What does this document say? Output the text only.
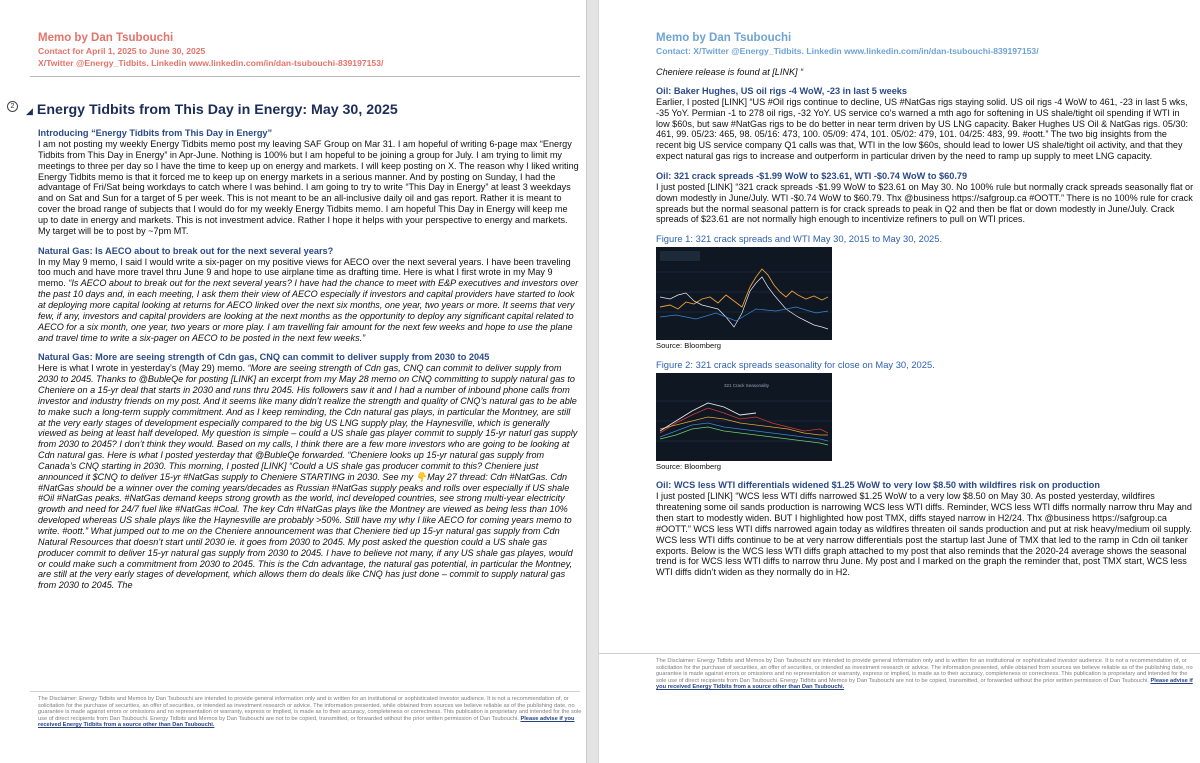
Memo by Dan Tsubouchi
Contact for April 1, 2025 to June 30, 2025
X/Twitter @Energy_Tidbits. Linkedin www.linkedin.com/in/dan-tsubouchi-839197153/
2	◢ Energy Tidbits from This Day in Energy: May 30, 2025
Introducing “Energy Tidbits from This Day in Energy”
I am not posting my weekly Energy Tidbits memo post my leaving SAF Group on Mar 31. I am hopeful of writing 6-page max “Energy Tidbits from This Day in Energy” in Apr-June. Nothing is 100% but I am hopeful to be joining a group for July. I am trying to limit my meetings to three per day so I have the time to keep up on energy and markets. I will keep posting on X. The reason why I liked writing Energy Tidbits memo is that it forced me to keep up on energy markets in a serious manner. And by posting on Sunday, I had the advantage of Fri/Sat being workdays to catch where I was behind. I am going to try to write “This Day in Energy” at least 3 weekdays and on Sat and Sun for a target of 5 per week. This is not meant to be an all-inclusive daily oil and gas report. Rather it is meant to cover the broad range of subjects that I would do for my weekly Energy Tidbits memo. I am hopeful This Day in Energy will keep me up to date in energy and markets. This is not investment advice. Rather I hope it helps with your perspective to energy and markets. My target will be to post by ~7pm MT.
Natural Gas: Is AECO about to break out for the next several years?
In my May 9 memo, I said I would write a six-pager on my positive views for AECO over the next several years. I have been traveling too much and have more travel thru June 9 and hope to use airplane time as drafting time. Here is what I first wrote in my May 9 memo. “Is AECO about to break out for the next several years? I have had the chance to meet with E&P executives and investors over the past 10 days and, in each meeting, I ask them their view of AECO especially if investors and capital providers have started to look at deploying more capital looking at returns for AECO linked over the next six months, one year, two years or more. It seems that very few, if any, investors and capital providers are looking at the next months as the opportunity to deploy any significant capital related to AECO for a six month, one year, two years or more play. I am travelling fair amount for the next few weeks and hope to use the plane and travel time to write a six-pager on AECO to be posted in the next few weeks.”
Natural Gas: More are seeing strength of Cdn gas, CNQ can commit to deliver supply from 2030 to 2045
Here is what I wrote in yesterday’s (May 29) memo. “More are seeing strength of Cdn gas, CNQ can commit to deliver supply from 2030 to 2045. Thanks to @BubleQe for posting [LINK] an excerpt from my May 28 memo on CNQ committing to supply natural gas to Cheniere on a 15-yr deal that starts in 2030 and runs thru 2045. His followers saw it and I had a number of inbound phone calls from investor and industry friends on my post. And it seems like many didn’t realize the strength and quality of CNQ’s natural gas to be able to make such a long-term supply commitment. And as I keep reminding, the Cdn natural gas plays, in particular the Montney, are still at the very early stages of development especially compared to the big US LNG supply play, the Haynesville, which is generally viewed as being at least half developed. My question is simple – could a US shale gas player commit to supply 15-yr naturl gas supply from 2030 to 2045? I don’t think they would. Based on my calls, I think there are a few more investors who are going to be looking at Cdn natural gas. Here is what I posted yesterday that @BubleQe forwarded. “Cheniere looks up 15-yr natural gas supply from Canada’s CNQ starting in 2030. This morning, I posted [LINK] “Could a US shale gas producer commit to this? Cheniere just announced it $CNQ to deliver 15-yr #NatGas supply to Cheniere STARTING in 2030. See my 👇May 27 thread: Cdn #NatGas. Cdn #NatGas should be a winner over the coming years/decades as Russian #NatGas supply peaks and rolls over especially if US shale #Oil #NatGas peaks. #NatGas demand keeps strong growth as the world, incl developed countries, see strong multi-year electricity growth and need for 24/7 fuel like #NatGas #Coal. The key Cdn #NatGas plays like the Montney are viewed as being less than 10% developed whereas US shale plays like the Haynesville are probably >50%. Still have my why I like AECO for coming years memo to write. #oott.” What jumped out to me on the Cheniere announcement was that Cheniere tied up 15-yr natural gas supply from Cdn Natural Resources that doesn’t start until 2030 ie. it goes from 2030 to 2045. My post asked the question could a US shale gas producer commit to deliver 15-yr natural gas supply from 2030 to 2045. I have to believe not many, if any US shale gas playes, would or could make such a commitment from 2030 to 2045. This is the Cdn advantage, the natural gas potential, in particular the Montney, are still at the very early stages of development, which allows them do deals like CNQ has just done – commit to supply natural gas from 2030 to 2045. The
The Disclaimer: Energy Tidbits and Memos by Dan Tsubouchi are intended to provide general information only and is written for an institutional or sophisticated investor audience. It is not a recommendation of, or solicitation for the purchase of securities, an offer of securities, or intended as investment research or advice. The information presented, while obtained from sources we believe reliable as of the publishing date, no guarantee is made against errors or omissions and no representation or warranty, express or implied, is made as to their accuracy, completeness or correctness. This publication is proprietary and intended for the sole use of direct recipients from Dan Tsubouchi. Energy Tidbits and Memos by Dan Tsubouchi are not to be copied, transmitted, or forwarded without the prior written permission of Dan Tsubouchi. Please advise if you received Energy Tidbits from a source other than Dan Tsubouchi.
Memo by Dan Tsubouchi
Contact: X/Twitter @Energy_Tidbits. Linkedin www.linkedin.com/in/dan-tsubouchi-839197153/
Cheniere release is found at [LINK] “
Oil: Baker Hughes, US oil rigs -4 WoW, -23 in last 5 weeks
Earlier, I posted [LINK] “US #Oil rigs continue to decline, US #NatGas rigs staying solid. US oil rigs -4 WoW to 461, -23 in last 5 wks, -35 YoY. Permian -1 to 278 oil rigs, -32 YoY. US service co's warned a mth ago for softening in US shale/tight oil spending if WTI in low $60s, but saw #NatGas rigs to be do better in near term driven by US LNG capacity. Baker Hughes US Oil & NatGas rigs. 05/30: 461, 99. 05/23: 465, 98. 05/16: 473, 100. 05/09: 474, 101. 05/02: 479, 101. 04/25: 483, 99. #oott.” The two big insights from the recent big US service company Q1 calls was that, WTI in the low $60s, should lead to lower US shale/tight oil activity, and that they expect natural gas rigs to increase and outperform in particular driven by the need to ramp up supply to meet LNG capacity.
Oil: 321 crack spreads -$1.99 WoW to $23.61, WTI -$0.74 WoW to $60.79
I just posted [LINK] “321 crack spreads -$1.99 WoW to $23.61 on May 30. No 100% rule but normally crack spreads seasonally flat or down modestly in June/July. WTI -$0.74 WoW to $60.79. Thx @business https://safgroup.ca #OOTT.” There is no 100% rule for crack spreads but the normal seasonal pattern is for crack spreads to peak in Q2 and then be flat or down modestly in June/July. Crack spreads of $23.61 are not normally high enough to incentivize refiners to pull on WTI prices.
Figure 1: 321 crack spreads and WTI May 30, 2015 to May 30, 2025.
Source: Bloomberg
Figure 2: 321 crack spreads seasonality for close on May 30, 2025.
321 Crack Seasonality
Source: Bloomberg
Oil: WCS less WTI differentials widened $1.25 WoW to very low $8.50 with wildfires risk on production
I just posted [LINK] “WCS less WTI diffs narrowed $1.25 WoW to a very low $8.50 on May 30. As posted yesterday, wildfires threatening some oil sands production is narrowing WCS less WTI diffs. Reminder, WCS less WTI diffs normally narrow thru May and then start to modestly widen. BUT I highlighted how post TMX, diffs stayed narrow in H2/24. Thx @business https://safgroup.ca #OOTT.” WCS less WTI diffs narrowed again today as wildfires threaten oil sands production and put at risk heavy/medium oil supply. WCS less WTI diffs continue to be at very narrow differentials post the startup last June of TMX that led to the ramp in Cdn oil tanker exports. Below is the WCS less WTI diffs graph attached to my post that also reminds that the 2020-24 average shows the seasonal trend is for WCS less WTI diffs to narrow thru June. My post and I marked on the graph the reminder that, post TMX start, WCS less WTI diffs didn’t widen as they normally do in H2.
The Disclaimer: Energy Tidbits and Memos by Dan Tsubouchi are intended to provide general information only and is written for an institutional or sophisticated investor audience. It is not a recommendation of, or solicitation for the purchase of securities, an offer of securities, or intended as investment research or advice. The information presented, while obtained from sources we believe reliable as of the publishing date, no guarantee is made against errors or omissions and no representation or warranty, express or implied, is made as to their accuracy, completeness or correctness. This publication is proprietary and intended for the sole use of direct recipients from Dan Tsubouchi. Energy Tidbits and Memos by Dan Tsubouchi are not to be copied, transmitted, or forwarded without the prior written permission of Dan Tsubouchi. Please advise if you received Energy Tidbits from a source other than Dan Tsubouchi.
